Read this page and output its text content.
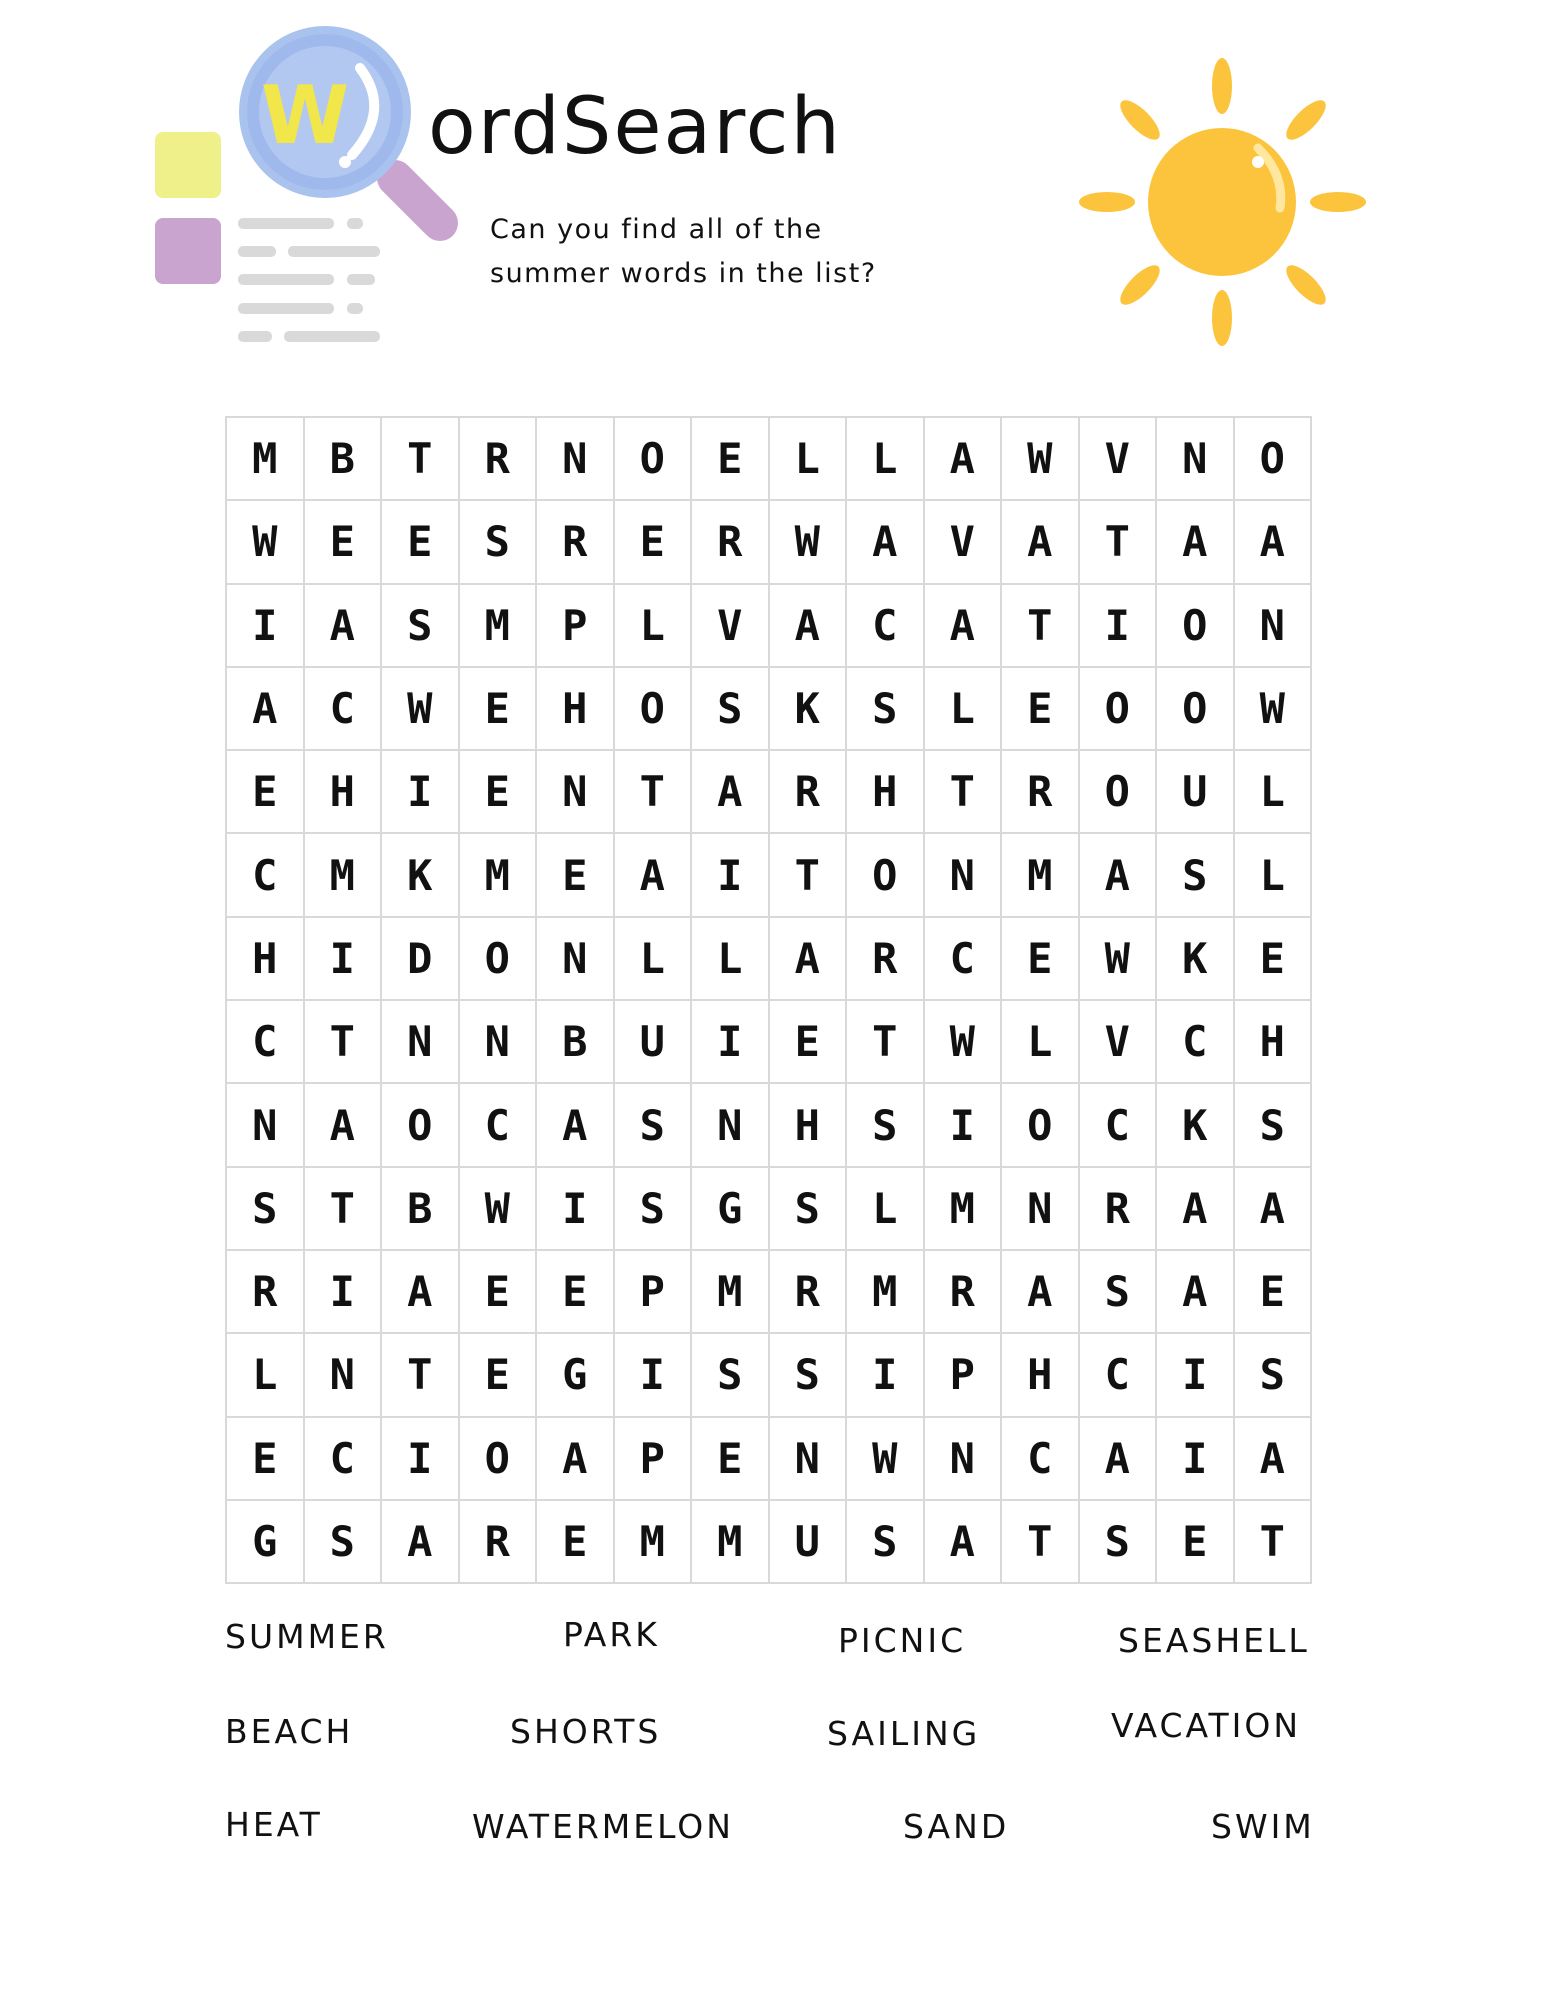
W ordSearch
Can you find all of the
summer words in the list?
M	B	T	R	N	O	E	L	L	A	W	V	N	O
W	E	E	S	R	E	R	W	A	V	A	T	A	A
I	A	S	M	P	L	V	A	C	A	T	I	O	N
A	C	W	E	H	O	S	K	S	L	E	O	O	W
E	H	I	E	N	T	A	R	H	T	R	O	U	L
C	M	K	M	E	A	I	T	O	N	M	A	S	L
H	I	D	O	N	L	L	A	R	C	E	W	K	E
C	T	N	N	B	U	I	E	T	W	L	V	C	H
N	A	O	C	A	S	N	H	S	I	O	C	K	S
S	T	B	W	I	S	G	S	L	M	N	R	A	A
R	I	A	E	E	P	M	R	M	R	A	S	A	E
L	N	T	E	G	I	S	S	I	P	H	C	I	S
E	C	I	O	A	P	E	N	W	N	C	A	I	A
G	S	A	R	E	M	M	U	S	A	T	S	E	T
SUMMER	PARK	PICNIC	SEASHELL
BEACH	SHORTS	SAILING	VACATION
HEAT	WATERMELON	SAND	SWIM
